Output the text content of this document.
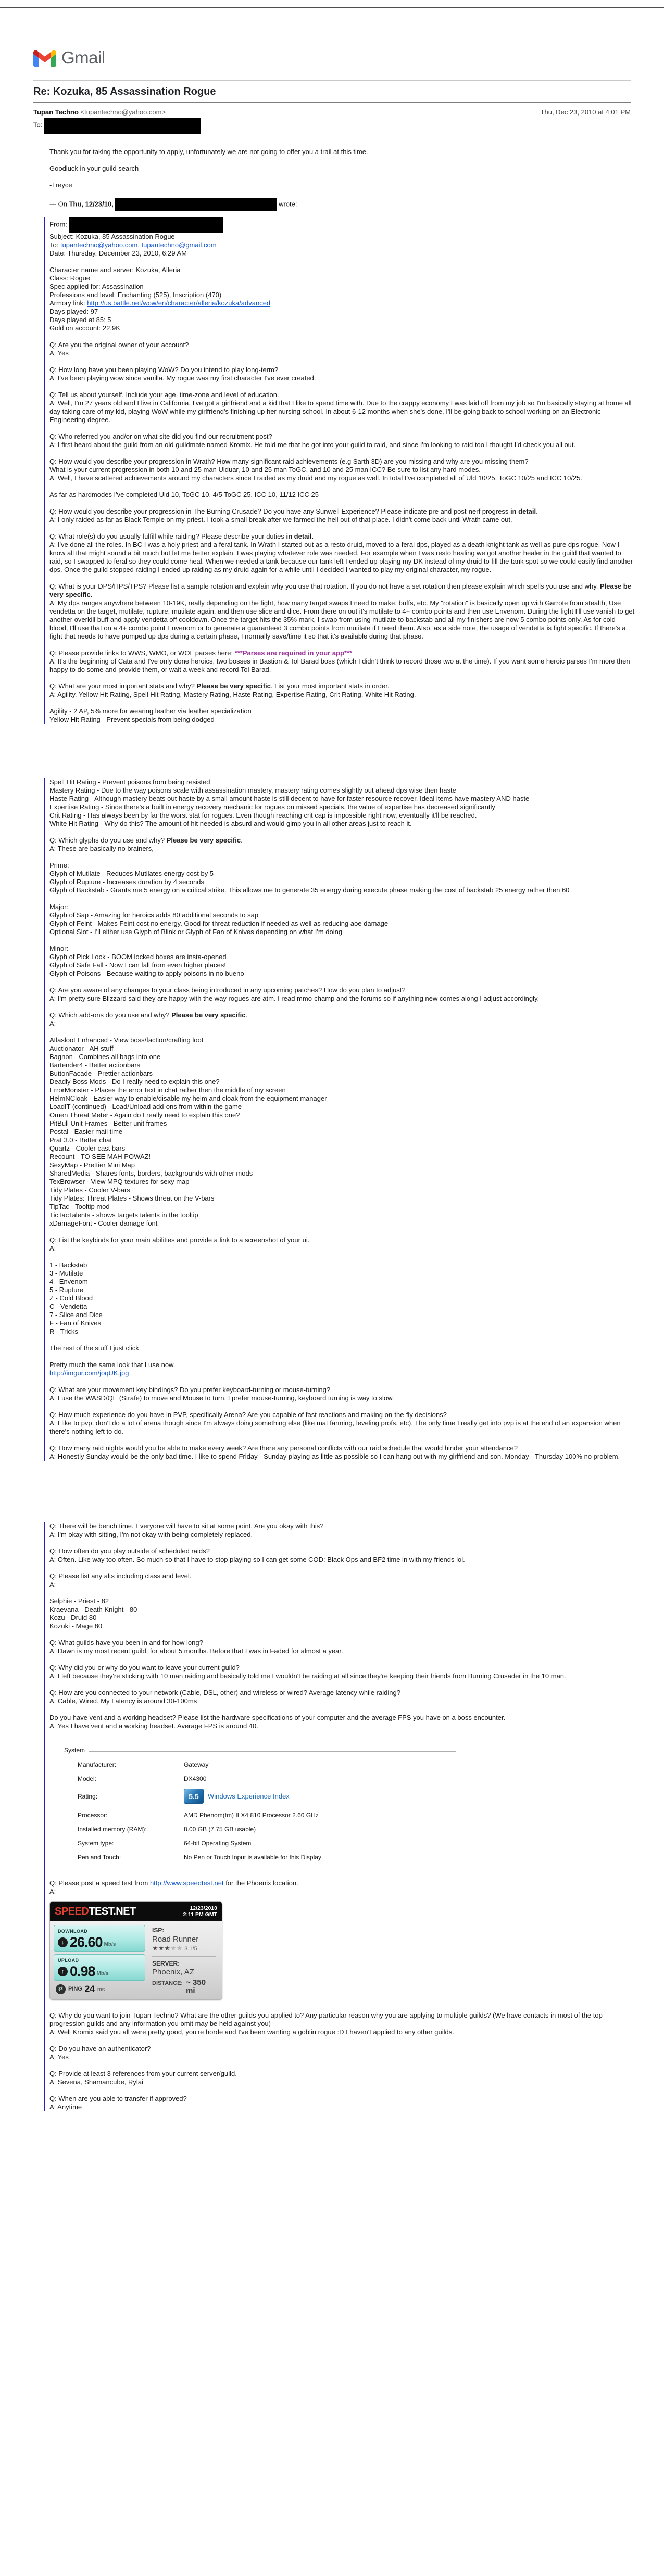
Gmail
Re: Kozuka, 85 Assassination Rogue
Tupan Techno <tupantechno@yahoo.com>	Thu, Dec 23, 2010 at 4:01 PM
To:
Thank you for taking the opportunity to apply, unfortunately we are not going to offer you a trail at this time.

Goodluck in your guild search

-Treyce

--- On Thu, 12/23/10,	wrote:
From:
Subject: Kozuka, 85 Assassination Rogue
To: tupantechno@yahoo.com, tupantechno@gmail.com
Date: Thursday, December 23, 2010, 6:29 AM

Character name and server: Kozuka, Alleria
Class: Rogue
Spec applied for: Assassination
Professions and level: Enchanting (525), Inscription (470)
Armory link: http://us.battle.net/wow/en/character/alleria/kozuka/advanced
Days played: 97
Days played at 85: 5
Gold on account: 22.9K

Q: Are you the original owner of your account?
A: Yes

Q: How long have you been playing WoW? Do you intend to play long-term?
A: I've been playing wow since vanilla. My rogue was my first character I've ever created.

Q: Tell us about yourself. Include your age, time-zone and level of education.
A: Well, I'm 27 years old and I live in California. I've got a girlfriend and a kid that I like to spend time with. Due to the crappy economy I was laid off from my job so I'm basically staying at home all day taking care of my kid, playing WoW while my girlfriend's finishing up her nursing school. In about 6-12 months when she's done, I'll be going back to school working on an Electronic Engineering degree.

Q: Who referred you and/or on what site did you find our recruitment post?
A: I first heard about the guild from an old guildmate named Kromix. He told me that he got into your guild to raid, and since I'm looking to raid too I thought I'd check you all out.

Q: How would you describe your progression in Wrath? How many significant raid achievements (e.g Sarth 3D) are you missing and why are you missing them?
What is your current progression in both 10 and 25 man Ulduar, 10 and 25 man ToGC, and 10 and 25 man ICC? Be sure to list any hard modes.
A: Well, I have scattered achievements around my characters since I raided as my druid and my rogue as well. In total I've completed all of Uld 10/25, ToGC 10/25 and ICC 10/25.

As far as hardmodes I've completed Uld 10, ToGC 10, 4/5 ToGC 25, ICC 10, 11/12 ICC 25

Q: How would you describe your progression in The Burning Crusade? Do you have any Sunwell Experience? Please indicate pre and post-nerf progress in detail.
A: I only raided as far as Black Temple on my priest. I took a small break after we farmed the hell out of that place. I didn't come back until Wrath came out.

Q: What role(s) do you usually fulfill while raiding? Please describe your duties in detail.
A: I've done all the roles. In BC I was a holy priest and a feral tank. In Wrath I started out as a resto druid, moved to a feral dps, played as a death knight tank as well as pure dps rogue. Now I know all that might sound a bit much but let me better explain. I was playing whatever role was needed. For example when I was resto healing we got another healer in the guild that wanted to raid, so I swapped to feral so they could come heal. When we needed a tank because our tank left I ended up playing my DK instead of my druid to fill the tank spot so we could easily find another dps. Once the guild stopped raiding I ended up raiding as my druid again for a while until I decided I wanted to play my original character, my rogue.

Q: What is your DPS/HPS/TPS? Please list a sample rotation and explain why you use that rotation. If you do not have a set rotation then please explain which spells you use and why. Please be very specific.
A: My dps ranges anywhere between 10-19K, really depending on the fight, how many target swaps I need to make, buffs, etc. My "rotation" is basically open up with Garrote from stealth, Use vendetta on the target, mutilate, rupture, mutilate again, and then use slice and dice. From there on out it's mutilate to 4+ combo points and then use Envenom. During the fight I'll use vanish to get another overkill buff and apply vendetta off cooldown. Once the target hits the 35% mark, I swap from using mutilate to backstab and all my finishers are now 5 combo points only. As for cold blood, I'll use that on a 4+ combo point Envenom or to generate a guaranteed 3 combo points from mutilate if I need them. Also, as a side note, the usage of vendetta is fight specific. If there's a fight that needs to have pumped up dps during a certain phase, I normally save/time it so that it's available during that phase.

Q: Please provide links to WWS, WMO, or WOL parses here: ***Parses are required in your app***
A: It's the beginning of Cata and I've only done heroics, two bosses in Bastion & Tol Barad boss (which I didn't think to record those two at the time). If you want some heroic parses I'm more then happy to do some and provide them, or wait a week and record Tol Barad.

Q: What are your most important stats and why? Please be very specific. List your most important stats in order.
A: Agility, Yellow Hit Rating, Spell Hit Rating, Mastery Rating, Haste Rating, Expertise Rating, Crit Rating, White Hit Rating.

Agility - 2 AP, 5% more for wearing leather via leather specialization
Yellow Hit Rating - Prevent specials from being dodged
Spell Hit Rating - Prevent poisons from being resisted
Mastery Rating - Due to the way poisons scale with assassination mastery, mastery rating comes slightly out ahead dps wise then haste
Haste Rating - Although mastery beats out haste by a small amount haste is still decent to have for faster resource recover. Ideal items have mastery AND haste
Expertise Rating - Since there's a built in energy recovery mechanic for rogues on missed specials, the value of expertise has decreased significantly
Crit Rating - Has always been by far the worst stat for rogues. Even though reaching crit cap is impossible right now, eventually it'll be reached.
White Hit Rating - Why do this? The amount of hit needed is absurd and would gimp you in all other areas just to reach it.

Q: Which glyphs do you use and why? Please be very specific.
A: These are basically no brainers,

Prime:
Glyph of Mutilate - Reduces Mutilates energy cost by 5
Glyph of Rupture - Increases duration by 4 seconds
Glyph of Backstab - Grants me 5 energy on a critical strike. This allows me to generate 35 energy during execute phase making the cost of backstab 25 energy rather then 60

Major:
Glyph of Sap - Amazing for heroics adds 80 additional seconds to sap
Glyph of Feint - Makes Feint cost no energy. Good for threat reduction if needed as well as reducing aoe damage
Optional Slot - I'll either use Glyph of Blink or Glyph of Fan of Knives depending on what I'm doing

Minor:
Glyph of Pick Lock - BOOM locked boxes are insta-opened
Glyph of Safe Fall - Now I can fall from even higher places!
Glyph of Poisons - Because waiting to apply poisons in no bueno

Q: Are you aware of any changes to your class being introduced in any upcoming patches? How do you plan to adjust?
A: I'm pretty sure Blizzard said they are happy with the way rogues are atm. I read mmo-champ and the forums so if anything new comes along I adjust accordingly.

Q: Which add-ons do you use and why? Please be very specific.
A:

Atlasloot Enhanced - View boss/faction/crafting loot
Auctionator - AH stuff
Bagnon - Combines all bags into one
Bartender4 - Better actionbars
ButtonFacade - Prettier actionbars
Deadly Boss Mods - Do I really need to explain this one?
ErrorMonster - Places the error text in chat rather then the middle of my screen
HelmNCloak - Easier way to enable/disable my helm and cloak from the equipment manager
LoadIT (continued) - Load/Unload add-ons from within the game
Omen Threat Meter - Again do I really need to explain this one?
PitBull Unit Frames - Better unit frames
Postal - Easier mail time
Prat 3.0 - Better chat
Quartz - Cooler cast bars
Recount - TO SEE MAH POWAZ!
SexyMap - Prettier Mini Map
SharedMedia - Shares fonts, borders, backgrounds with other mods
TexBrowser - View MPQ textures for sexy map
Tidy Plates - Cooler V-bars
Tidy Plates: Threat Plates - Shows threat on the V-bars
TipTac - Tooltip mod
TicTacTalents - shows targets talents in the tooltip
xDamageFont - Cooler damage font

Q: List the keybinds for your main abilities and provide a link to a screenshot of your ui.
A:

1 - Backstab
3 - Mutilate
4 - Envenom
5 - Rupture
Z - Cold Blood
C - Vendetta
7 - Slice and Dice
F - Fan of Knives
R - Tricks

The rest of the stuff I just click

Pretty much the same look that I use now.
http://imgur.com/joqUK.jpg

Q: What are your movement key bindings? Do you prefer keyboard-turning or mouse-turning?
A: I use the WASD/QE (Strafe) to move and Mouse to turn. I prefer mouse-turning, keyboard turning is way to slow.

Q: How much experience do you have in PVP, specifically Arena? Are you capable of fast reactions and making on-the-fly decisions?
A: I like to pvp, don't do a lot of arena though since I'm always doing something else (like mat farming, leveling profs, etc). The only time I really get into pvp is at the end of an expansion when there's nothing left to do.

Q: How many raid nights would you be able to make every week? Are there any personal conflicts with our raid schedule that would hinder your attendance?
A: Honestly Sunday would be the only bad time. I like to spend Friday - Sunday playing as little as possible so I can hang out with my girlfriend and son. Monday - Thursday 100% no problem.
Q: There will be bench time. Everyone will have to sit at some point. Are you okay with this?
A: I'm okay with sitting, I'm not okay with being completely replaced.

Q: How often do you play outside of scheduled raids?
A: Often. Like way too often. So much so that I have to stop playing so I can get some COD: Black Ops and BF2 time in with my friends lol.

Q: Please list any alts including class and level.
A:

Selphie - Priest - 82
Kraevana - Death Knight - 80
Kozu - Druid 80
Kozuki - Mage 80

Q: What guilds have you been in and for how long?
A: Dawn is my most recent guild, for about 5 months. Before that I was in Faded for almost a year.

Q: Why did you or why do you want to leave your current guild?
A: I left because they're sticking with 10 man raiding and basically told me I wouldn't be raiding at all since they're keeping their friends from Burning Crusader in the 10 man.

Q: How are you connected to your network (Cable, DSL, other) and wireless or wired? Average latency while raiding?
A: Cable, Wired. My Latency is around 30-100ms

Do you have vent and a working headset? Please list the hardware specifications of your computer and the average FPS you have on a boss encounter.
A: Yes I have vent and a working headset. Average FPS is around 40.
System
Manufacturer:	Gateway
Model:	DX4300
Rating:	5.5	Windows Experience Index
Processor:	AMD Phenom(tm) II X4 810 Processor 2.60 GHz
Installed memory (RAM):	8.00 GB (7.75 GB usable)
System type:	64-bit Operating System
Pen and Touch:	No Pen or Touch Input is available for this Display

Q: Please post a speed test from http://www.speedtest.net for the Phoenix location.
A:
SPEEDTEST.NET	12/23/2010
2:11 PM GMT
DOWNLOAD
↓ 26.60 Mb/s
UPLOAD
↑ 0.98 Mb/s
⇄ PING 24 ms
ISP:
Road Runner
★★★★★ 3.1/5
SERVER:
Phoenix, AZ
DISTANCE: ~ 350 mi

Q: Why do you want to join Tupan Techno? What are the other guilds you applied to? Any particular reason why you are applying to multiple guilds? (We have contacts in most of the top progression guilds and any information you omit may be held against you)
A: Well Kromix said you all were pretty good, you're horde and I've been wanting a goblin rogue :D I haven't applied to any other guilds.

Q: Do you have an authenticator?
A: Yes

Q: Provide at least 3 references from your current server/guild.
A: Sevena, Shamancube, Rylai

Q: When are you able to transfer if approved?
A: Anytime
